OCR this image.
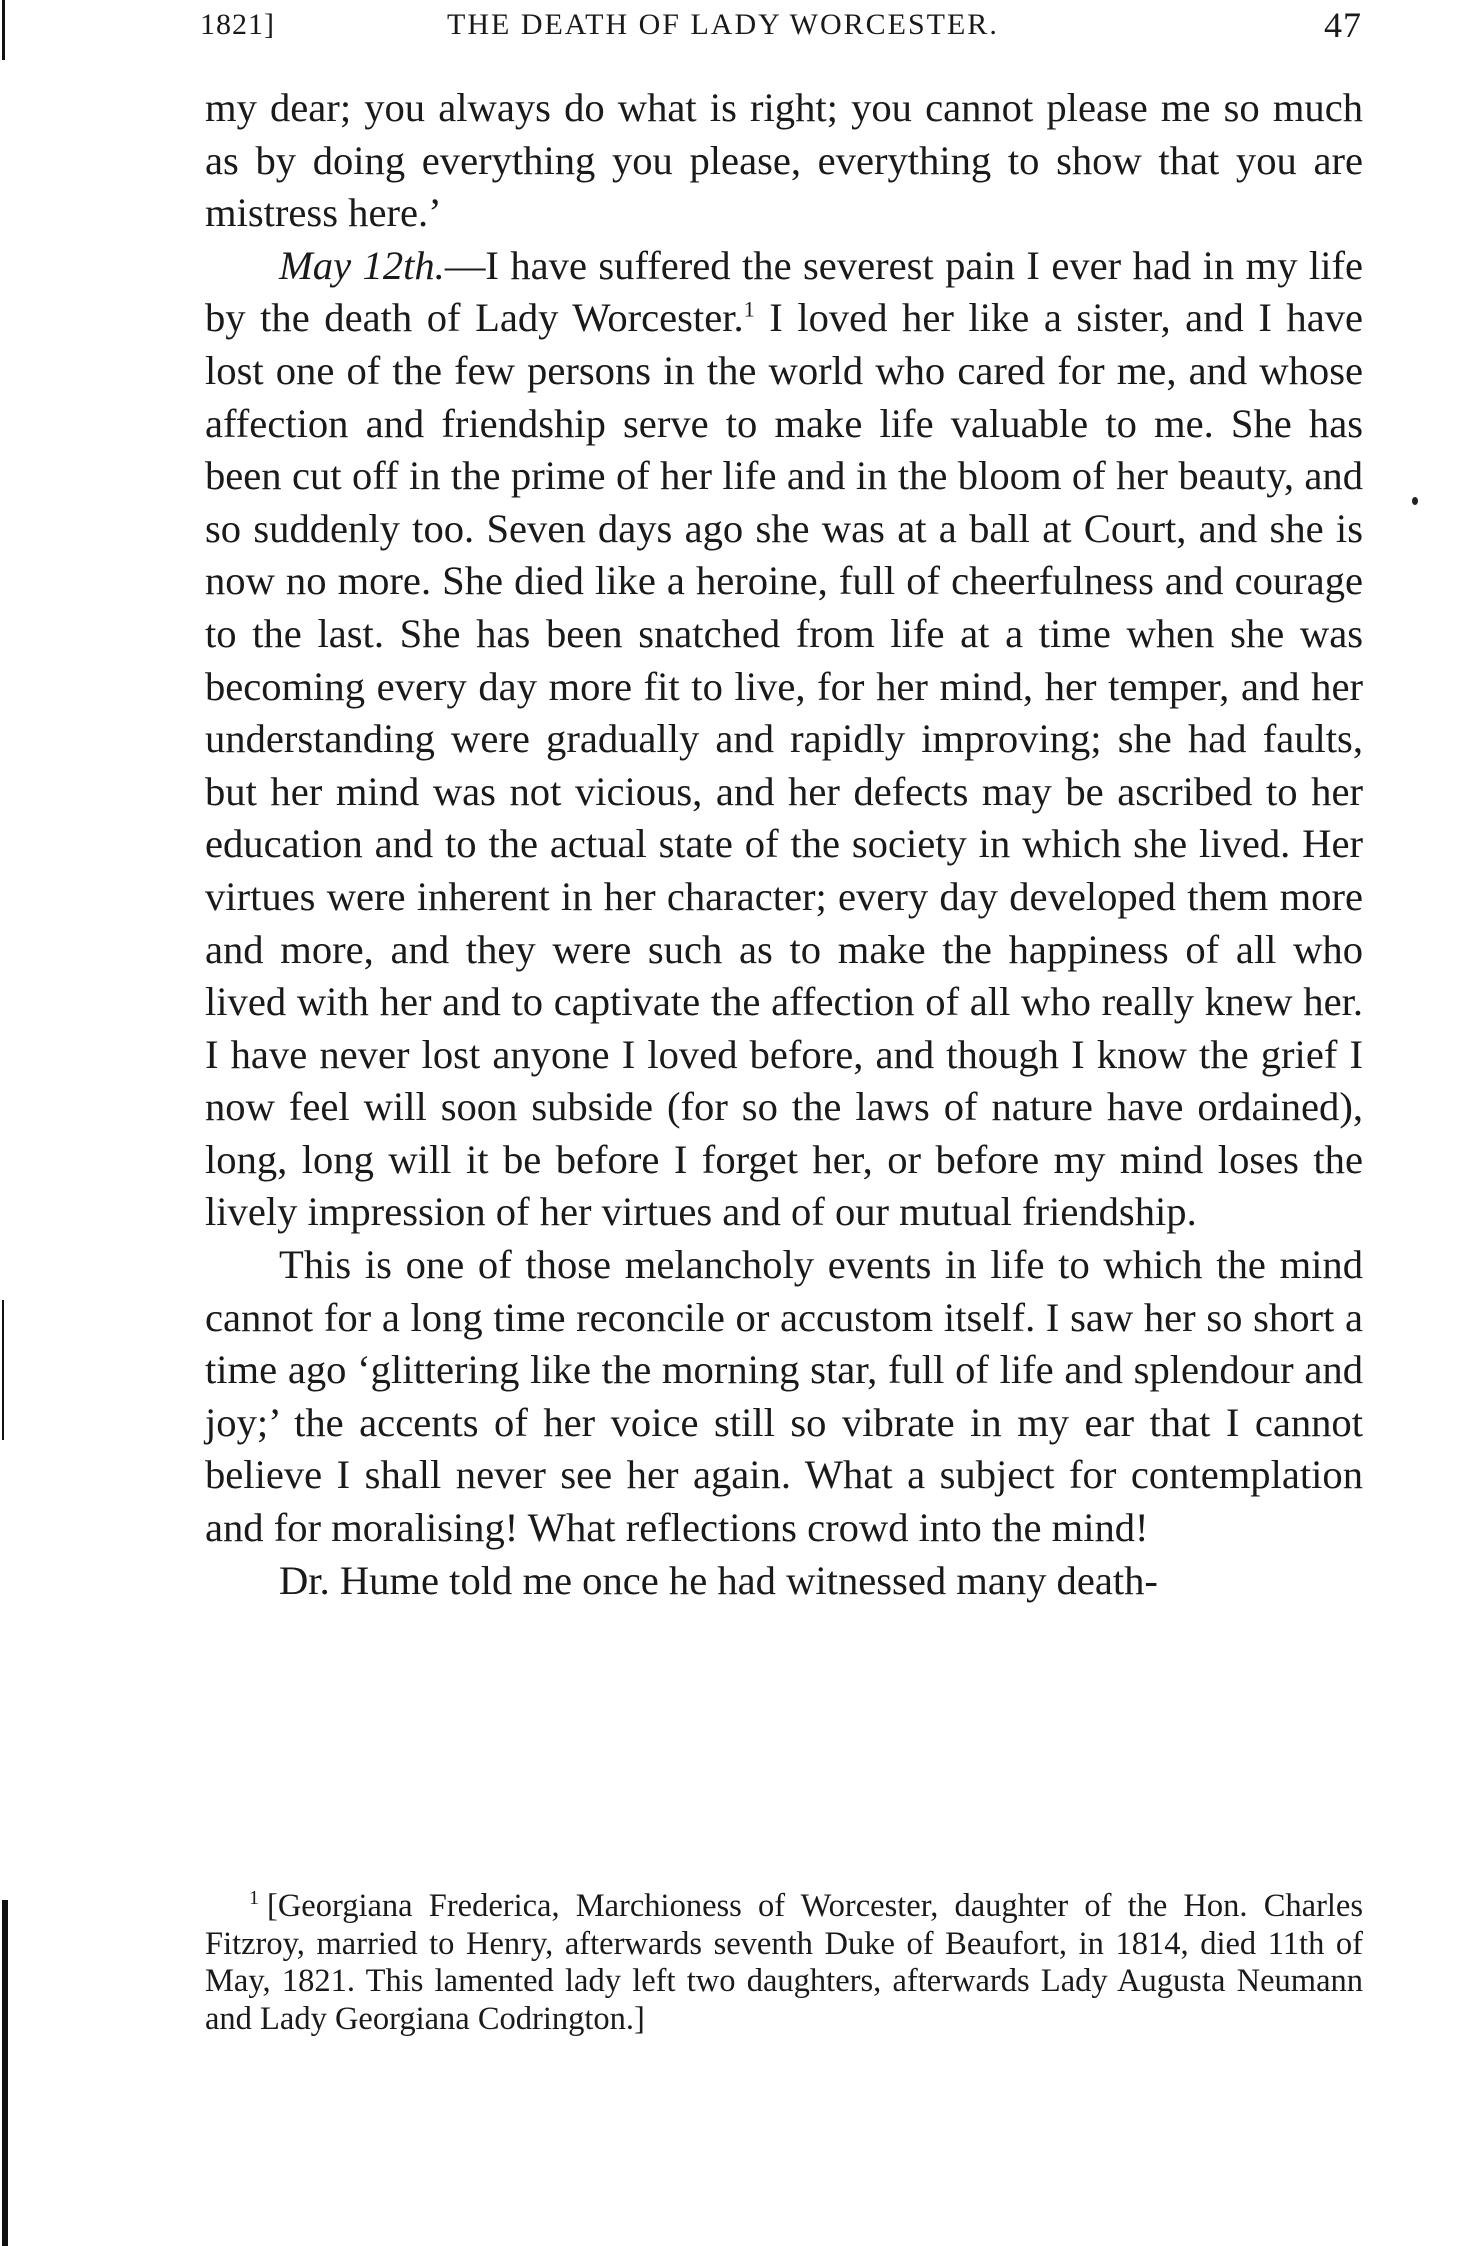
1821]	THE DEATH OF LADY WORCESTER.	47

my dear; you always do what is right; you cannot please me so much as by doing everything you please, everything to show that you are mistress here.’

May 12th.—I have suffered the severest pain I ever had in my life by the death of Lady Worcester.$^1$ I loved her like a sister, and I have lost one of the few persons in the world who cared for me, and whose affection and friendship serve to make life valuable to me. She has been cut off in the prime of her life and in the bloom of her beauty, and so suddenly too. Seven days ago she was at a ball at Court, and she is now no more. She died like a heroine, full of cheerfulness and courage to the last. She has been snatched from life at a time when she was becoming every day more fit to live, for her mind, her temper, and her understanding were gradually and rapidly improving; she had faults, but her mind was not vicious, and her defects may be ascribed to her education and to the actual state of the society in which she lived. Her virtues were inherent in her character; every day developed them more and more, and they were such as to make the happiness of all who lived with her and to captivate the affection of all who really knew her. I have never lost anyone I loved before, and though I know the grief I now feel will soon subside (for so the laws of nature have ordained), long, long will it be before I forget her, or before my mind loses the lively impression of her virtues and of our mutual friendship.

This is one of those melancholy events in life to which the mind cannot for a long time reconcile or accustom itself. I saw her so short a time ago ‘glittering like the morning star, full of life and splendour and joy;’ the accents of her voice still so vibrate in my ear that I cannot believe I shall never see her again. What a subject for contemplation and for moralising! What reflections crowd into the mind!

Dr. Hume told me once he had witnessed many death-

$^1$ [Georgiana Frederica, Marchioness of Worcester, daughter of the Hon. Charles Fitzroy, married to Henry, afterwards seventh Duke of Beaufort, in 1814, died 11th of May, 1821. This lamented lady left two daughters, afterwards Lady Augusta Neumann and Lady Georgiana Codrington.]
